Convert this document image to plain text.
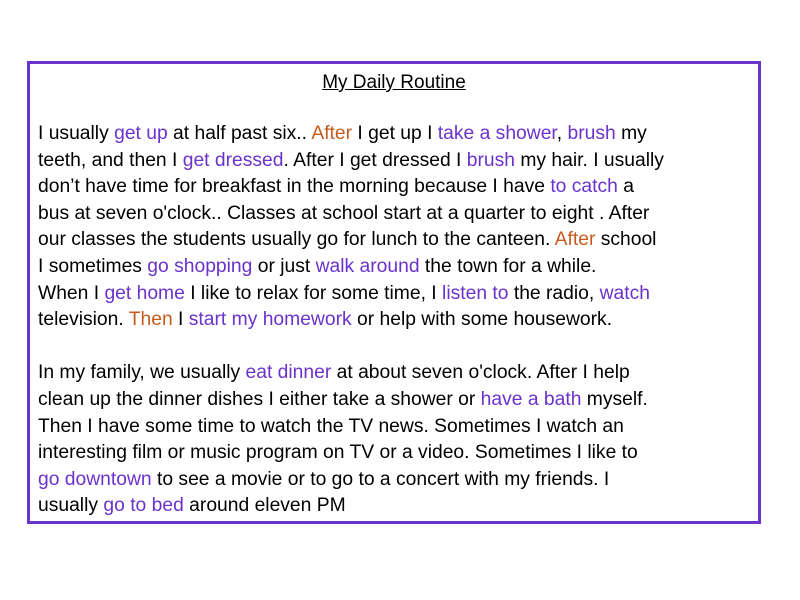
My Daily Routine
I usually get up at half past six.. After I get up I take a shower, brush my
teeth, and then I get dressed. After I get dressed I brush my hair. I usually
don’t have time for breakfast in the morning because I have to catch a
bus at seven o'clock.. Classes at school start at a quarter to eight . After
our classes the students usually go for lunch to the canteen. After school
I sometimes go shopping or just walk around the town for a while.
When I get home I like to relax for some time, I listen to the radio, watch
television. Then I start my homework or help with some housework.
In my family, we usually eat dinner at about seven o'clock. After I help
clean up the dinner dishes I either take a shower or have a bath myself.
Then I have some time to watch the TV news. Sometimes I watch an
interesting film or music program on TV or a video. Sometimes I like to
go downtown to see a movie or to go to a concert with my friends. I
usually go to bed around eleven PM
